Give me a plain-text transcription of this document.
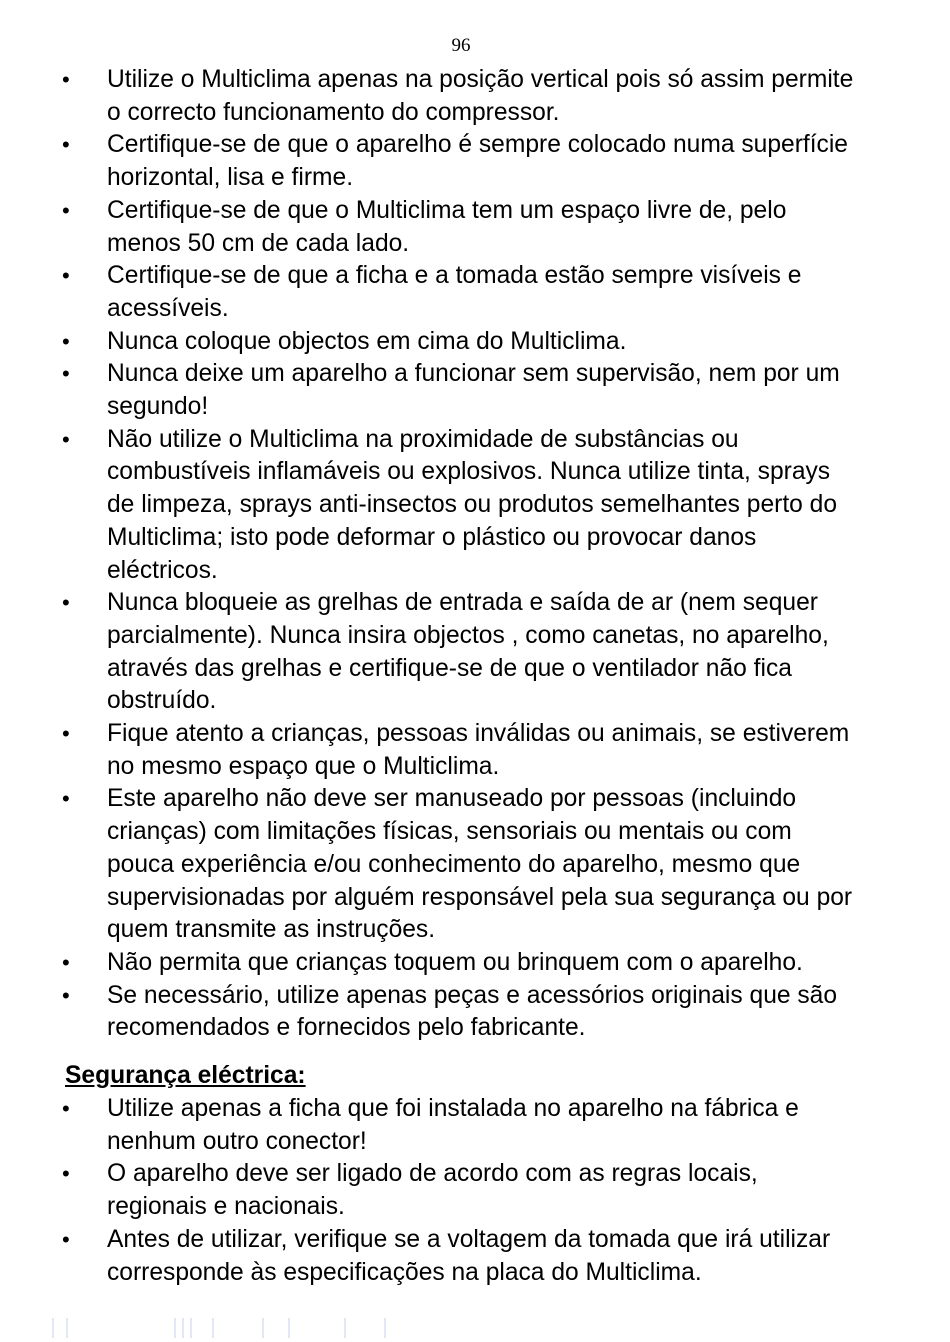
96
• Utilize o Multiclima apenas na posição vertical pois só assim permite o correcto funcionamento do compressor.
• Certifique-se de que o aparelho é sempre colocado numa superfície horizontal, lisa e firme.
• Certifique-se de que o Multiclima tem um espaço livre de, pelo menos 50 cm de cada lado.
• Certifique-se de que a ficha e a tomada estão sempre visíveis e acessíveis.
• Nunca coloque objectos em cima do Multiclima.
• Nunca deixe um aparelho a funcionar sem supervisão, nem por um segundo!
• Não utilize o Multiclima na proximidade de substâncias ou combustíveis inflamáveis ou explosivos. Nunca utilize tinta, sprays de limpeza, sprays anti-insectos ou produtos semelhantes perto do Multiclima; isto pode deformar o plástico ou provocar danos eléctricos.
• Nunca bloqueie as grelhas de entrada e saída de ar (nem sequer parcialmente). Nunca insira objectos , como canetas, no aparelho, através das grelhas e certifique-se de que o ventilador não fica obstruído.
• Fique atento a crianças, pessoas inválidas ou animais, se estiverem no mesmo espaço que o Multiclima.
• Este aparelho não deve ser manuseado por pessoas (incluindo crianças) com limitações físicas, sensoriais ou mentais ou com pouca experiência e/ou conhecimento do aparelho, mesmo que supervisionadas por alguém responsável pela sua segurança ou por quem transmite as instruções.
• Não permita que crianças toquem ou brinquem com o aparelho.
• Se necessário, utilize apenas peças e acessórios originais que são recomendados e fornecidos pelo fabricante.
Segurança eléctrica:
• Utilize apenas a ficha que foi instalada no aparelho na fábrica e nenhum outro conector!
• O aparelho deve ser ligado de acordo com as regras locais, regionais e nacionais.
• Antes de utilizar, verifique se a voltagem da tomada que irá utilizar corresponde às especificações na placa do Multiclima.
